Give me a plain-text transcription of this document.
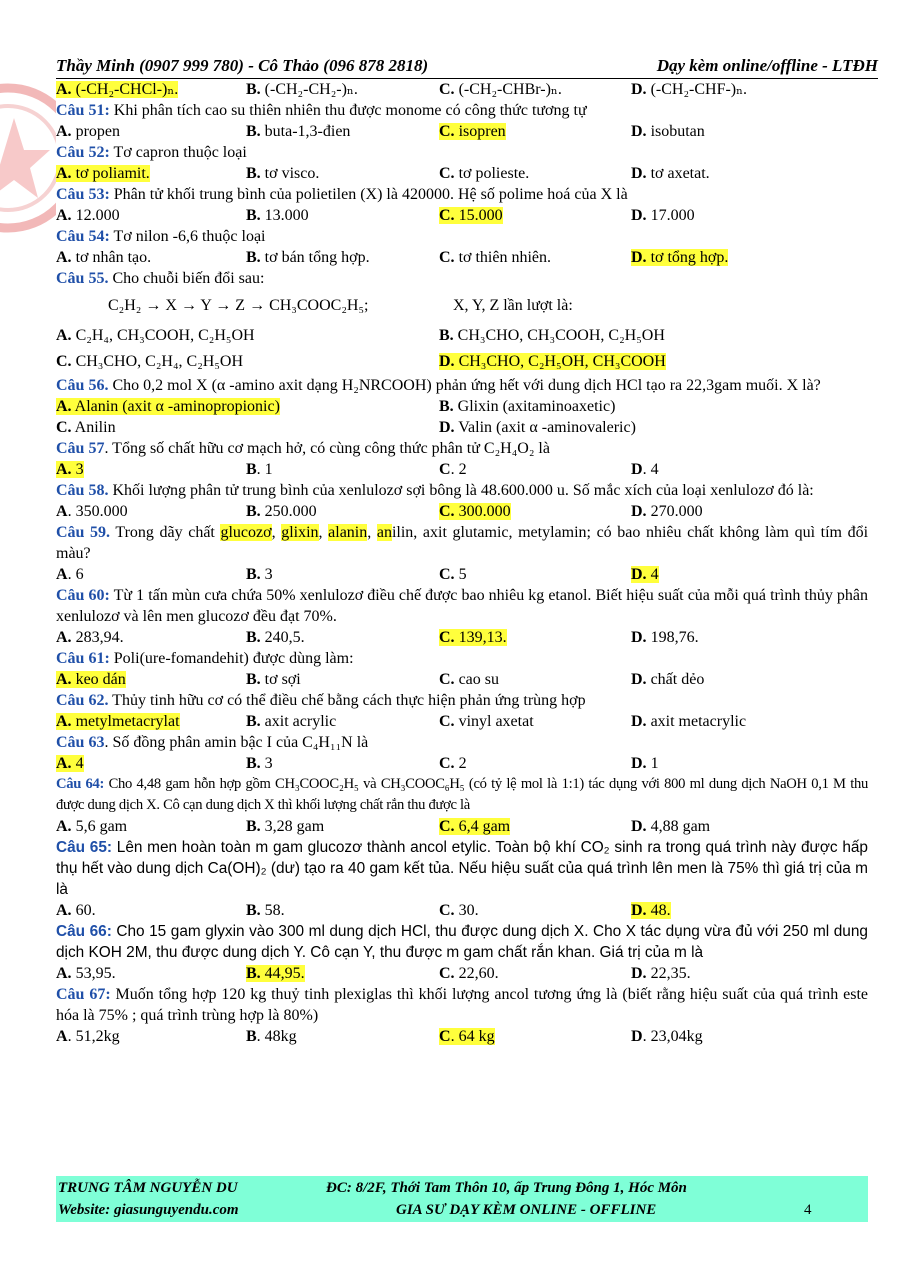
Thầy Minh (0907 999 780) - Cô Thảo (096 878 2818)	Dạy kèm online/offline - LTĐH
A. (-CH₂-CHCl-)ₙ.	B. (-CH₂-CH₂-)ₙ.	C. (-CH₂-CHBr-)ₙ.	D. (-CH₂-CHF-)ₙ.

Câu 51: Khi phân tích cao su thiên nhiên thu được monome có công thức tương tự

A. propen	B. buta-1,3-đien	C. isopren	D. isobutan

Câu 52: Tơ capron thuộc loại

A. tơ poliamit.	B. tơ visco.	C. tơ polieste.	D. tơ axetat.

Câu 53: Phân tử khối trung bình của polietilen (X) là 420000. Hệ số polime hoá của X là

A. 12.000	B. 13.000	C. 15.000	D. 17.000

Câu 54: Tơ nilon -6,6 thuộc loại

A. tơ nhân tạo.	B. tơ bán tổng hợp.	C. tơ thiên nhiên.	D. tơ tổng hợp.

Câu 55. Cho chuỗi biến đổi sau:

C₂H₂ → X → Y → Z → CH₃COOC₂H₅;	X, Y, Z lần lượt là:
A. C₂H₄, CH₃COOH, C₂H₅OH	B. CH₃CHO, CH₃COOH, C₂H₅OH
C. CH₃CHO, C₂H₄, C₂H₅OH	D. CH₃CHO, C₂H₅OH, CH₃COOH

Câu 56. Cho 0,2 mol X (α -amino axit dạng H₂NRCOOH) phản ứng hết với dung dịch HCl tạo ra 22,3gam muối. X là?

A. Alanin (axit α -aminopropionic)	B. Glixin (axitaminoaxetic)
C. Anilin	D. Valin (axit α -aminovaleric)

Câu 57. Tổng số chất hữu cơ mạch hở, có cùng công thức phân tử C₂H₄O₂ là

A. 3	B. 1	C. 2	D. 4

Câu 58. Khối lượng phân tử trung bình của xenlulozơ sợi bông là 48.600.000 u. Số mắc xích của loại xenlulozơ đó là:

A. 350.000	B. 250.000	C. 300.000	D. 270.000

Câu 59. Trong dãy chất glucozơ, glixin, alanin, anilin, axit glutamic, metylamin; có bao nhiêu chất không làm quì tím đổi màu?

A. 6	B. 3	C. 5	D. 4

Câu 60: Từ 1 tấn mùn cưa chứa 50% xenlulozơ điều chế được bao nhiêu kg etanol. Biết hiệu suất của mỗi quá trình thủy phân xenlulozơ và lên men glucozơ đều đạt 70%.

A. 283,94.	B. 240,5.	C. 139,13.	D. 198,76.

Câu 61: Poli(ure-fomandehit) được dùng làm:

A. keo dán	B. tơ sợi	C. cao su	D. chất dẻo

Câu 62. Thủy tinh hữu cơ có thể điều chế bằng cách thực hiện phản ứng trùng hợp

A. metylmetacrylat	B. axit acrylic	C. vinyl axetat	D. axit metacrylic

Câu 63. Số đồng phân amin bậc I của C₄H₁₁N là

A. 4	B. 3	C. 2	D. 1

Câu 64: Cho 4,48 gam hỗn hợp gồm CH₃COOC₂H₅ và CH₃COOC₆H₅ (có tỷ lệ mol là 1:1) tác dụng với 800 ml dung dịch NaOH 0,1 M thu được dung dịch X. Cô cạn dung dịch X thì khối lượng chất rắn thu được là

A. 5,6 gam	B. 3,28 gam	C. 6,4 gam	D. 4,88 gam

Câu 65: Lên men hoàn toàn m gam glucozơ thành ancol etylic. Toàn bộ khí CO₂ sinh ra trong quá trình này được hấp thụ hết vào dung dịch Ca(OH)₂ (dư) tạo ra 40 gam kết tủa. Nếu hiệu suất của quá trình lên men là 75% thì giá trị của m là

A. 60.	B. 58.	C. 30.	D. 48.

Câu 66: Cho 15 gam glyxin vào 300 ml dung dịch HCl, thu được dung dịch X. Cho X tác dụng vừa đủ với 250 ml dung dịch KOH 2M, thu được dung dịch Y. Cô cạn Y, thu được m gam chất rắn khan. Giá trị của m là

A. 53,95.	B. 44,95.	C. 22,60.	D. 22,35.

Câu 67: Muốn tổng hợp 120 kg thuỷ tinh plexiglas thì khối lượng ancol tương ứng là (biết rằng hiệu suất của quá trình este hóa là 75% ; quá trình trùng hợp là 80%)

A. 51,2kg	B. 48kg	C. 64 kg	D. 23,04kg
TRUNG TÂM NGUYỄN DU	ĐC: 8/2F, Thới Tam Thôn 10, ấp Trung Đông 1, Hóc Môn
Website: giasunguyendu.com	GIA SƯ DẠY KÈM ONLINE - OFFLINE	4
